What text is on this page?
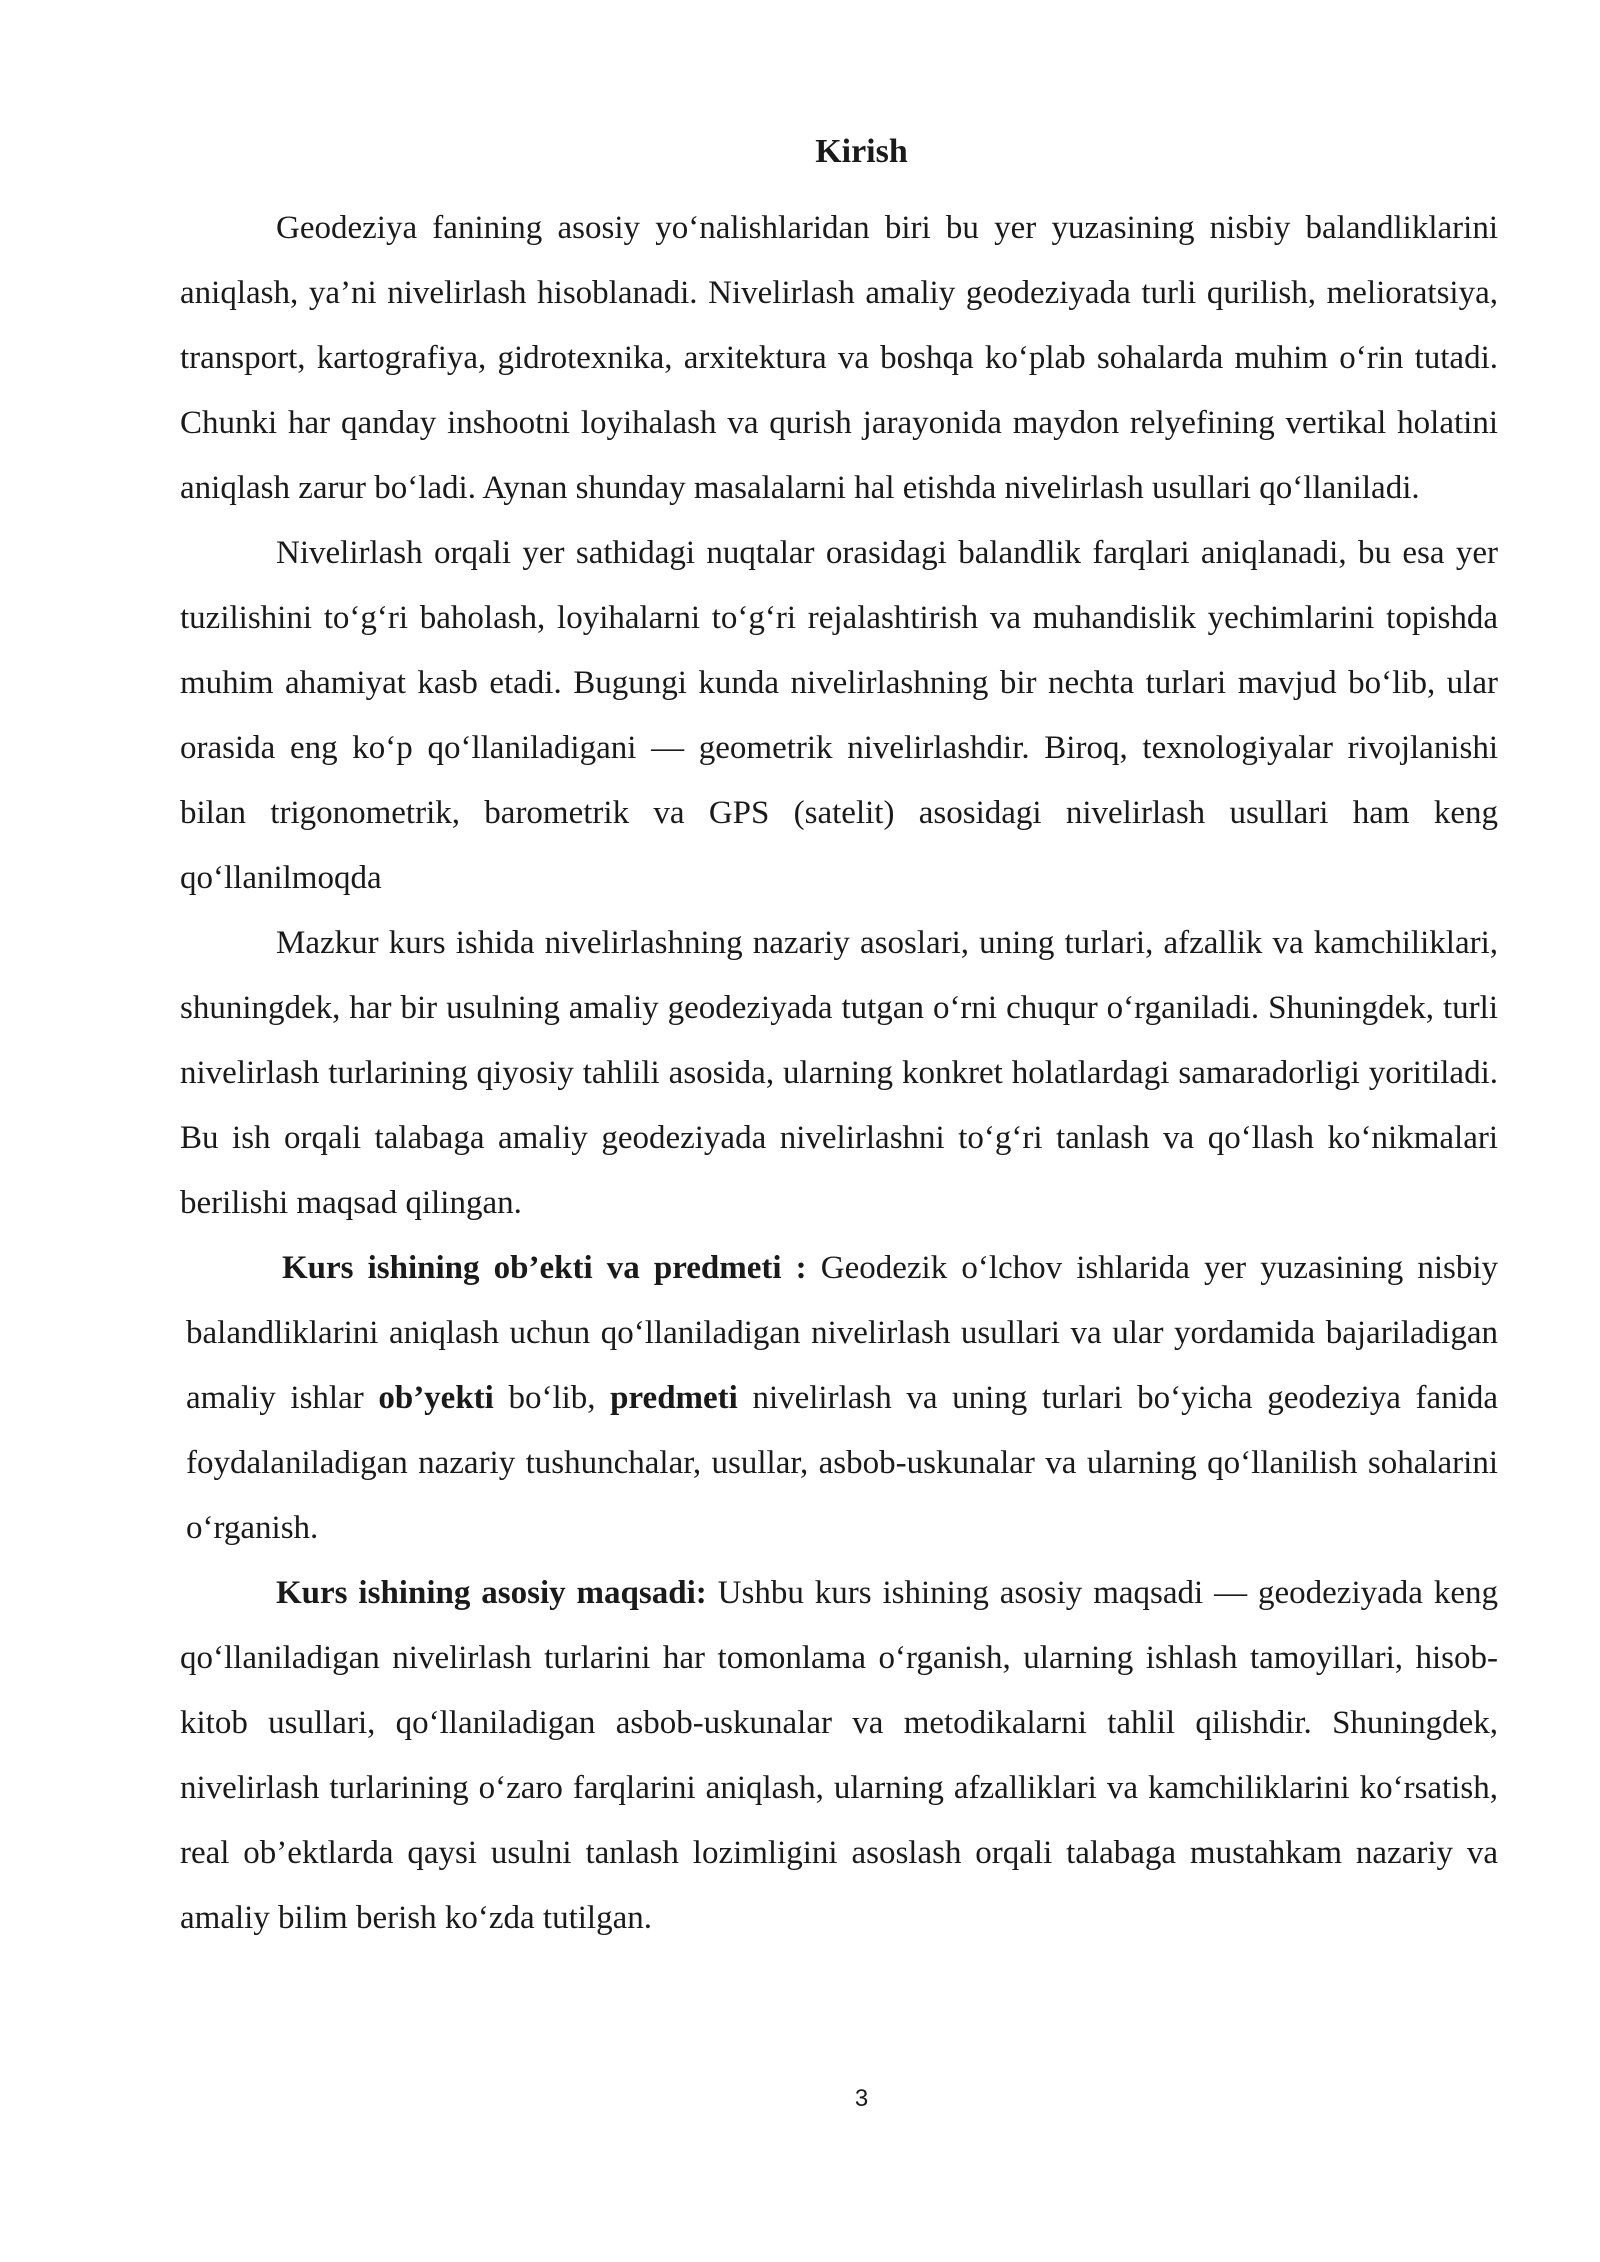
Kirish

Geodeziya fanining asosiy yo‘nalishlaridan biri bu yer yuzasining nisbiy balandliklarini aniqlash, ya’ni nivelirlash hisoblanadi. Nivelirlash amaliy geodeziyada turli qurilish, melioratsiya, transport, kartografiya, gidrotexnika, arxitektura va boshqa ko‘plab sohalarda muhim o‘rin tutadi. Chunki har qanday inshootni loyihalash va qurish jarayonida maydon relyefining vertikal holatini aniqlash zarur bo‘ladi. Aynan shunday masalalarni hal etishda nivelirlash usullari qo‘llaniladi.

Nivelirlash orqali yer sathidagi nuqtalar orasidagi balandlik farqlari aniqlanadi, bu esa yer tuzilishini to‘g‘ri baholash, loyihalarni to‘g‘ri rejalashtirish va muhandislik yechimlarini topishda muhim ahamiyat kasb etadi. Bugungi kunda nivelirlashning bir nechta turlari mavjud bo‘lib, ular orasida eng ko‘p qo‘llaniladigani — geometrik nivelirlashdir. Biroq, texnologiyalar rivojlanishi bilan trigonometrik, barometrik va GPS (satelit) asosidagi nivelirlash usullari ham keng qo‘llanilmoqda

Mazkur kurs ishida nivelirlashning nazariy asoslari, uning turlari, afzallik va kamchiliklari, shuningdek, har bir usulning amaliy geodeziyada tutgan o‘rni chuqur o‘rganiladi. Shuningdek, turli nivelirlash turlarining qiyosiy tahlili asosida, ularning konkret holatlardagi samaradorligi yoritiladi. Bu ish orqali talabaga amaliy geodeziyada nivelirlashni to‘g‘ri tanlash va qo‘llash ko‘nikmalari berilishi maqsad qilingan.

Kurs ishining ob’ekti va predmeti : Geodezik o‘lchov ishlarida yer yuzasining nisbiy balandliklarini aniqlash uchun qo‘llaniladigan nivelirlash usullari va ular yordamida bajariladigan amaliy ishlar ob’yekti bo‘lib, predmeti nivelirlash va uning turlari bo‘yicha geodeziya fanida foydalaniladigan nazariy tushunchalar, usullar, asbob-uskunalar va ularning qo‘llanilish sohalarini o‘rganish.

Kurs ishining asosiy maqsadi: Ushbu kurs ishining asosiy maqsadi — geodeziyada keng qo‘llaniladigan nivelirlash turlarini har tomonlama o‘rganish, ularning ishlash tamoyillari, hisob-kitob usullari, qo‘llaniladigan asbob-uskunalar va metodikalarni tahlil qilishdir. Shuningdek, nivelirlash turlarining o‘zaro farqlarini aniqlash, ularning afzalliklari va kamchiliklarini ko‘rsatish, real ob’ektlarda qaysi usulni tanlash lozimligini asoslash orqali talabaga mustahkam nazariy va amaliy bilim berish ko‘zda tutilgan.

3
